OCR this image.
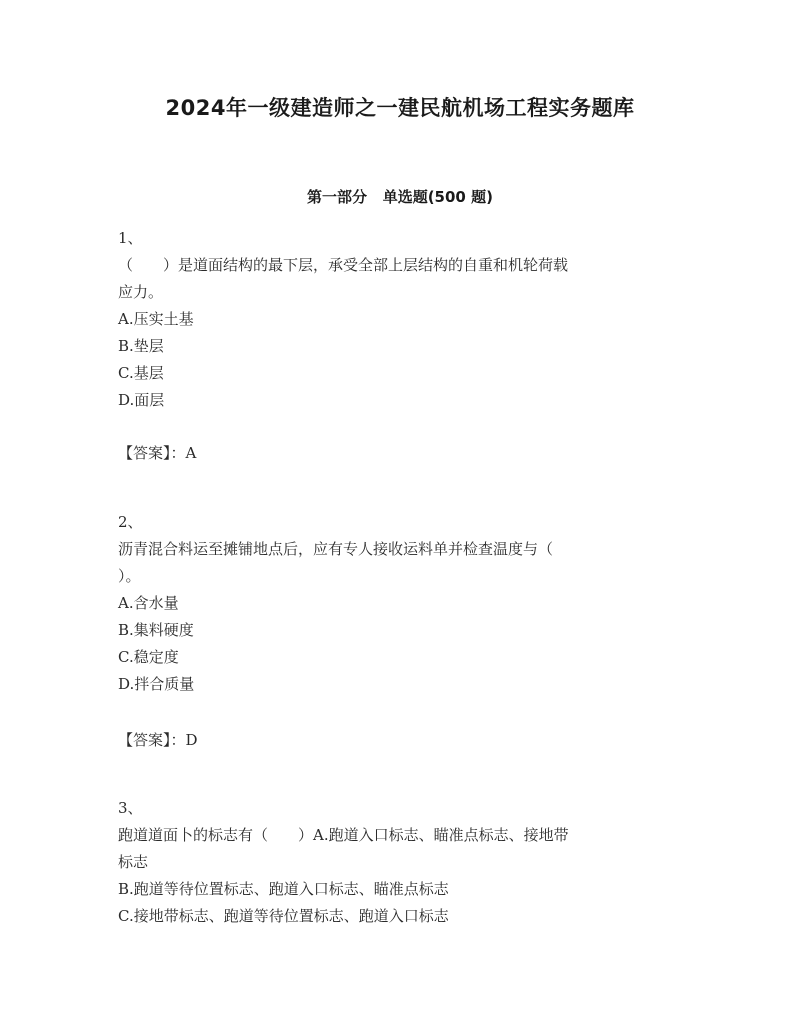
2024年一级建造师之一建民航机场工程实务题库
第一部分   单选题(500 题)
1、
（　　）是道面结构的最下层，承受全部上层结构的自重和机轮荷载
应力。
A.压实土基
B.垫层
C.基层
D.面层
【答案】：A
2、
沥青混合料运至摊铺地点后，应有专人接收运料单并检查温度与（
）。
A.含水量
B.集料硬度
C.稳定度
D.拌合质量
【答案】：D
3、
跑道道面卜的标志有（　　）A.跑道入口标志、瞄准点标志、接地带
标志
B.跑道等待位置标志、跑道入口标志、瞄准点标志
C.接地带标志、跑道等待位置标志、跑道入口标志
